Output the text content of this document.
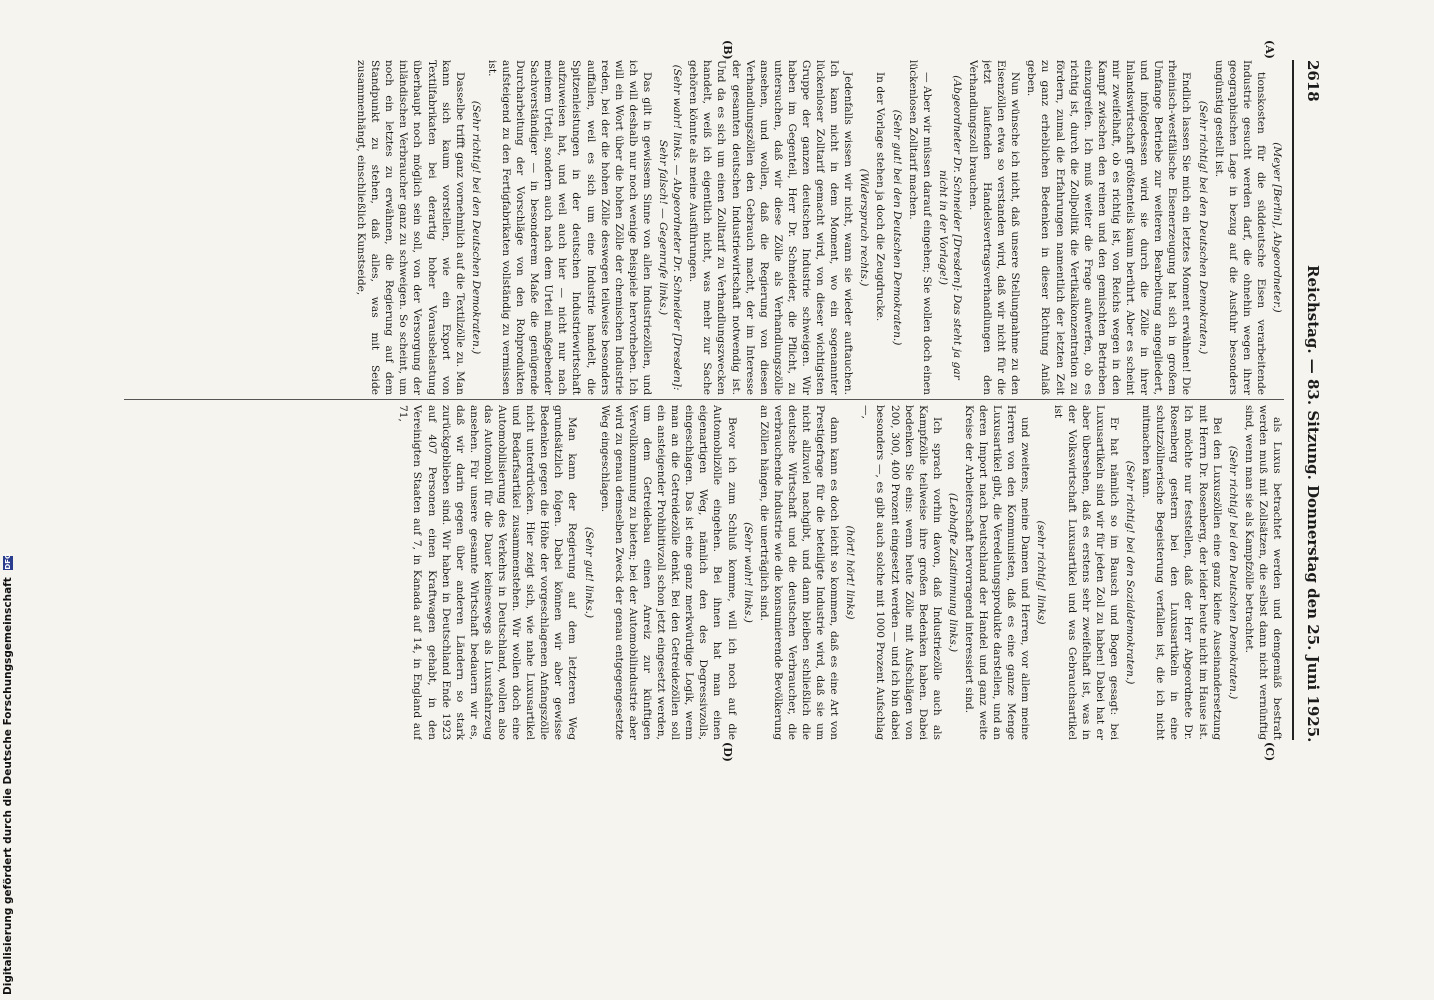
2618
Reichstag. — 83. Sitzung. Donnerstag den 25. Juni 1925.
(A)
(B)
(C)
(D)

(Meyer [Berlin], Abgeordneter.)

tionskosten für die süddeutsche Eisen verarbeitende Industrie gesucht werden darf, die ohnehin wegen ihrer geographischen Lage in bezug auf die Ausfuhr besonders ungünstig gestellt ist.

(Sehr richtig! bei den Deutschen Demokraten.)

Endlich lassen Sie mich ein letztes Moment erwähnen! Die rheinisch-westfälische Eisenerzeugung hat sich in großem Umfange Betriebe zur weiteren Bearbeitung angegliedert, und infolgedessen wird sie durch die Zölle in ihrer Inlandswirtschaft größtenteils kaum berührt. Aber es scheint mir zweifelhaft, ob es richtig ist, von Reichs wegen in den Kampf zwischen den reinen und den gemischten Betrieben einzugreifen. Ich muß weiter die Frage aufwerfen, ob es richtig ist, durch die Zollpolitik die Vertikalkonzentration zu fördern, zumal die Erfahrungen namentlich der letzten Zeit zu ganz erheblichen Bedenken in dieser Richtung Anlaß geben.

Nun wünsche ich nicht, daß unsere Stellungnahme zu den Eisenzöllen etwa so verstanden wird, daß wir nicht für die jetzt laufenden Handelsvertragsverhandlungen den Verhandlungszoll brauchen.

(Abgeordneter Dr. Schneider [Dresden]: Das steht ja gar nicht in der Vorlage!)

— Aber wir müssen darauf eingehen; Sie wollen doch einen lückenlosen Zolltarif machen.

(Sehr gut! bei den Deutschen Demokraten.)

In der Vorlage stehen ja doch die Zeugdrucke.

(Widerspruch rechts.)

Jedenfalls wissen wir nicht, wann sie wieder auftauchen. Ich kann nicht in dem Moment, wo ein sogenannter lückenloser Zolltarif gemacht wird, von dieser wichtigsten Gruppe der ganzen deutschen Industrie schweigen. Wir haben im Gegenteil, Herr Dr. Schneider, die Pflicht, zu untersuchen, daß wir diese Zölle als Verhandlungszölle ansehen, und wollen, daß die Regierung von diesen Verhandlungszöllen den Gebrauch macht, der im Interesse der gesamten deutschen Industriewirtschaft notwendig ist. Und da es sich um einen Zolltarif zu Verhandlungszwecken handelt, weiß ich eigentlich nicht, was mehr zur Sache gehören könnte als meine Ausführungen.

(Sehr wahr! links. — Abgeordneter Dr. Schneider [Dresden]: Sehr falsch! — Gegenrufe links.)

Das gilt in gewissem Sinne von allen Industriezöllen, und ich will deshalb nur noch wenige Beispiele hervorheben. Ich will ein Wort über die hohen Zölle der chemischen Industrie reden, bei der die hohen Zölle deswegen teilweise besonders auffallen, weil es sich um eine Industrie handelt, die Spitzenleistungen in der deutschen Industriewirtschaft aufzuweisen hat, und weil auch hier — nicht nur nach meinem Urteil, sondern auch nach dem Urteil maßgebender Sachverständiger — in besonderem Maße die genügende Durcharbeitung der Vorschläge von den Rohprodukten aufsteigend zu den Fertigfabrikaten vollständig zu vermissen ist.

(Sehr richtig! bei den Deutschen Demokraten.)

Dasselbe trifft ganz vornehmlich auf die Textilzölle zu. Man kann sich kaum vorstellen, wie ein Export von Textilfabrikaten bei derartig hoher Vorausbelastung überhaupt noch möglich sein soll, von der Versorgung der inländischen Verbraucher ganz zu schweigen. So scheint, um noch ein letztes zu erwähnen, die Regierung auf dem Standpunkt zu stehen, daß alles, was mit Seide zusammenhängt, einschließlich Kunstseide,

als Luxus betrachtet werden und demgemäß bestraft werden muß mit Zollsätzen, die selbst dann nicht vernünftig sind, wenn man sie als Kampfzölle betrachtet.

(Sehr richtig! bei den Deutschen Demokraten.)

Bei den Luxuszöllen eine ganz kleine Auseinandersetzung mit Herrn Dr. Rosenberg, der leider heute nicht im Hause ist. Ich möchte nur feststellen, daß der Herr Abgeordnete Dr. Rosenberg gestern bei den Luxusartikeln in eine schutzzöllnerische Begeisterung verfallen ist, die ich nicht mitmachen kann.

(Sehr richtig! bei den Sozialdemokraten.)

Er hat nämlich so im Bausch und Bogen gesagt: bei Luxusartikeln sind wir für jeden Zoll zu haben! Dabei hat er aber übersehen, daß es erstens sehr zweifelhaft ist, was in der Volkswirtschaft Luxusartikel und was Gebrauchsartikel ist

(sehr richtig! links)

und zweitens, meine Damen und Herren, vor allem meine Herren von den Kommunisten, daß es eine ganze Menge Luxusartikel gibt, die Veredelungsprodukte darstellen, und an deren Import nach Deutschland der Handel und ganz weite Kreise der Arbeiterschaft hervorragend interessiert sind.

(Lebhafte Zustimmung links.)

Ich sprach vorhin davon, daß Industriezölle auch als Kampfzölle teilweise ihre großen Bedenken haben. Dabei bedenken Sie eins: wenn heute Zölle mit Aufschlägen von 200, 300, 400 Prozent eingesetzt werden — und ich bin dabei besonders —, es gibt auch solche mit 1000 Prozent Aufschlag —,

(hört! hört! links)

dann kann es doch leicht so kommen, daß es eine Art von Prestigefrage für die beteiligte Industrie wird, daß sie um nicht allzuviel nachgibt, und dann bleiben schließlich die deutsche Wirtschaft und die deutschen Verbraucher, die verbrauchende Industrie wie die konsumierende Bevölkerung an Zöllen hängen, die unerträglich sind.

(Sehr wahr! links.)

Bevor ich zum Schluß komme, will ich noch auf die Automobilzölle eingehen. Bei ihnen hat man einen eigenartigen Weg, nämlich den des Degressivzolls, eingeschlagen. Das ist eine ganz merkwürdige Logik, wenn man an die Getreidezölle denkt. Bei den Getreidezöllen soll ein ansteigender Prohibitivzoll schon jetzt eingesetzt werden, um dem Getreidebau einen Anreiz zur künftigen Vervollkommnung zu bieten; bei der Automobilindustrie aber wird zu genau demselben Zweck der genau entgegengesetzte Weg eingeschlagen.

(Sehr gut! links.)

Man kann der Regierung auf dem letzteren Weg grundsätzlich folgen. Dabei können wir aber gewisse Bedenken gegen die Höhe der vorgeschlagenen Anfangszölle nicht unterdrücken. Hier zeigt sich, wie nahe Luxusartikel und Bedarfsartikel zusammenstehen. Wir wollen doch eine Automobilisierung des Verkehrs in Deutschland, wollen also das Automobil für die Dauer keineswegs als Luxusfahrzeug ansehen. Für unsere gesamte Wirtschaft bedauern wir es, daß wir darin gegen über anderen Ländern so stark zurückgeblieben sind. Wir haben in Deutschland Ende 1923 auf 407 Personen einen Kraftwagen gehabt, in den Vereinigten Staaten auf 7, in Kanada auf 14, in England auf 71,

Digitalisierung gefördert durch die Deutsche Forschungsgemeinschaft DFG
